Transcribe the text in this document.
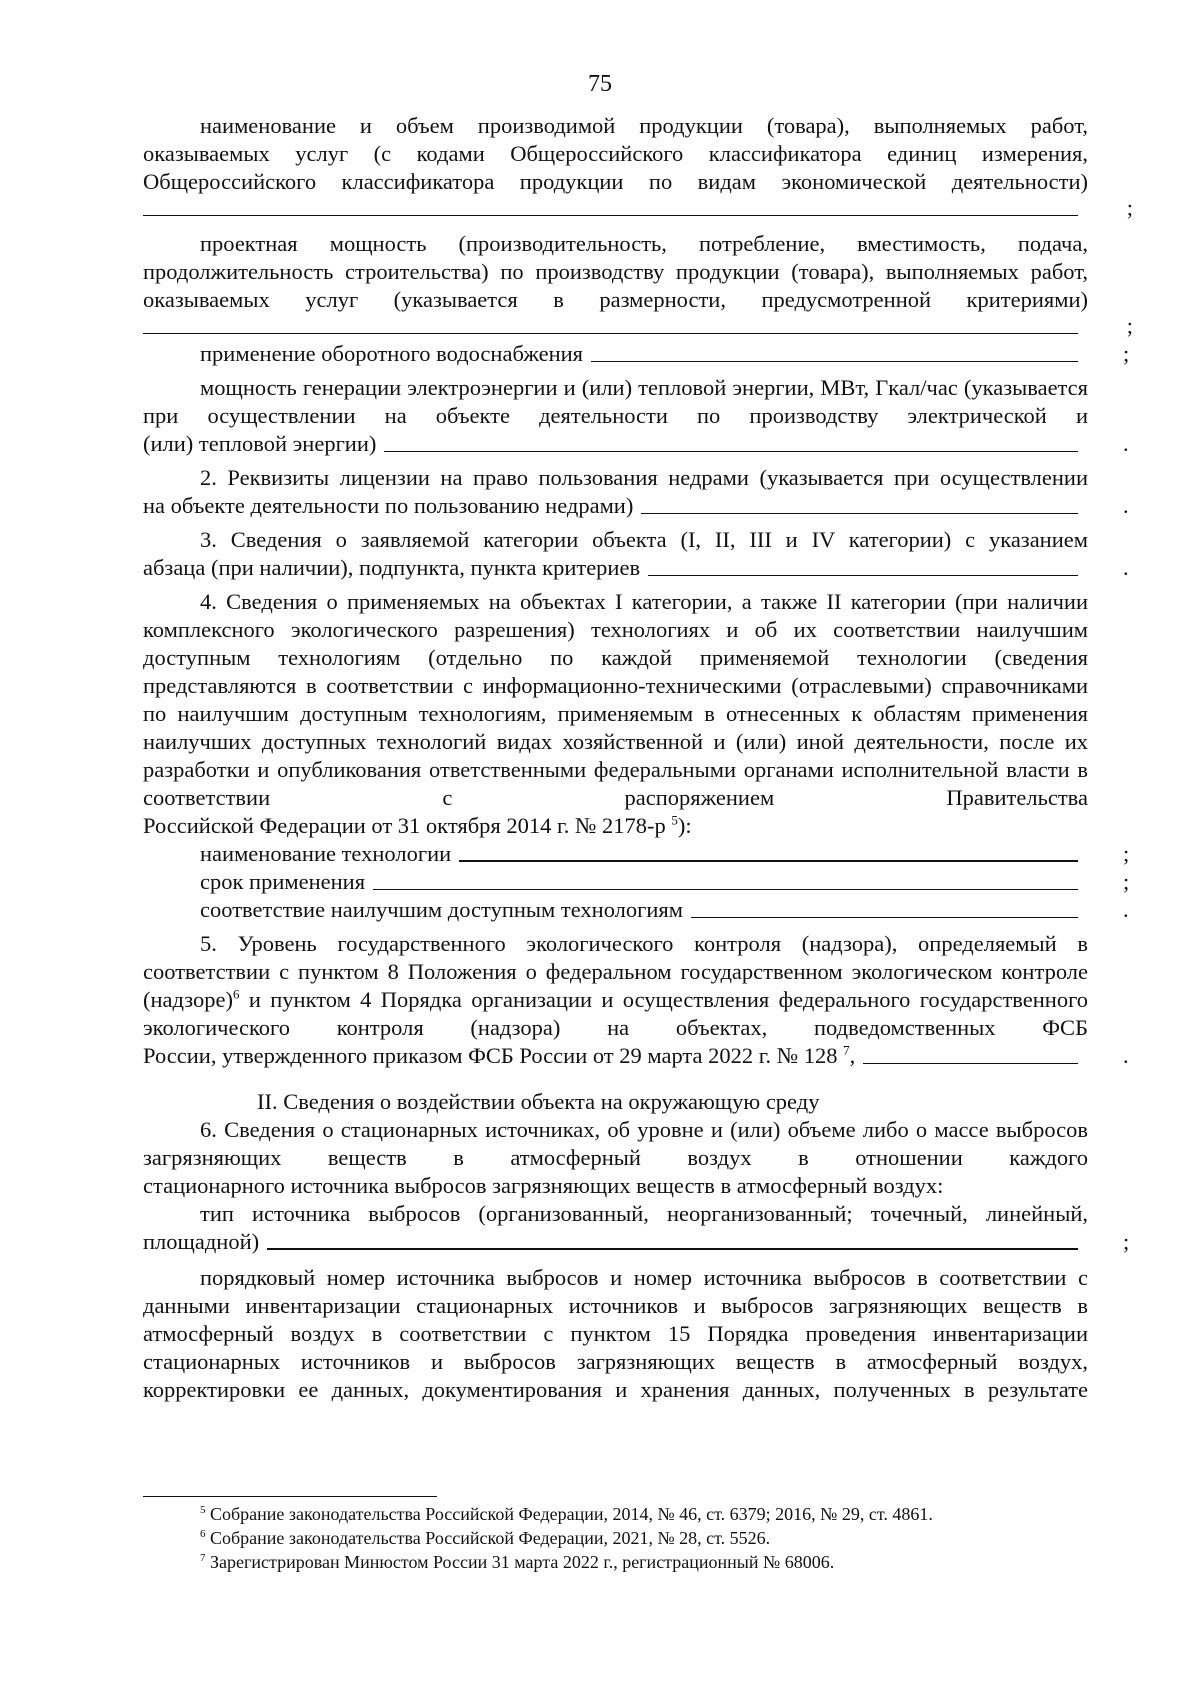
75

наименование и объем производимой продукции (товара), выполняемых работ, оказываемых услуг (с кодами Общероссийского классификатора единиц измерения, Общероссийского классификатора продукции по видам экономической деятельности)

;

проектная мощность (производительность, потребление, вместимость, подача, продолжительность строительства) по производству продукции (товара), выполняемых работ, оказываемых услуг (указывается в размерности, предусмотренной критериями)

;
применение оборотного водоснабжения	;

мощность генерации электроэнергии и (или) тепловой энергии, МВт, Гкал/час (указывается при осуществлении на объекте деятельности по производству электрической и

(или) тепловой энергии)	.

2. Реквизиты лицензии на право пользования недрами (указывается при осуществлении

на объекте деятельности по пользованию недрами)	.

3. Сведения о заявляемой категории объекта (I, II, III и IV категории) с указанием

абзаца (при наличии), подпункта, пункта критериев	.

4. Сведения о применяемых на объектах I категории, а также II категории (при наличии комплексного экологического разрешения) технологиях и об их соответствии наилучшим доступным технологиям (отдельно по каждой применяемой технологии (сведения представляются в соответствии с информационно-техническими (отраслевыми) справочниками по наилучшим доступным технологиям, применяемым в отнесенных к областям применения наилучших доступных технологий видах хозяйственной и (или) иной деятельности, после их разработки и опубликования ответственными федеральными органами исполнительной власти в соответствии с распоряжением Правительства

Российской Федерации от 31 октября 2014 г. № 2178-р $^5$):

наименование технологии	;
срок применения	;
соответствие наилучшим доступным технологиям	.

5. Уровень государственного экологического контроля (надзора), определяемый в соответствии с пунктом 8 Положения о федеральном государственном экологическом контроле (надзоре)$^6$ и пунктом 4 Порядка организации и осуществления федерального государственного экологического контроля (надзора) на объектах, подведомственных ФСБ

России, утвержденного приказом ФСБ России от 29 марта 2022 г. № 128 $^7$,	.

II. Сведения о воздействии объекта на окружающую среду

6. Сведения о стационарных источниках, об уровне и (или) объеме либо о массе выбросов загрязняющих веществ в атмосферный воздух в отношении каждого

стационарного источника выбросов загрязняющих веществ в атмосферный воздух:

тип источника выбросов (организованный, неорганизованный; точечный, линейный,

площадной)	;

порядковый номер источника выбросов и номер источника выбросов в соответствии с данными инвентаризации стационарных источников и выбросов загрязняющих веществ в атмосферный воздух в соответствии с пунктом 15 Порядка проведения инвентаризации стационарных источников и выбросов загрязняющих веществ в атмосферный воздух, корректировки ее данных, документирования и хранения данных, полученных в результате

$^5$ Собрание законодательства Российской Федерации, 2014, № 46, ст. 6379; 2016, № 29, ст. 4861.

$^6$ Собрание законодательства Российской Федерации, 2021, № 28, ст. 5526.

$^7$ Зарегистрирован Минюстом России 31 марта 2022 г., регистрационный № 68006.
